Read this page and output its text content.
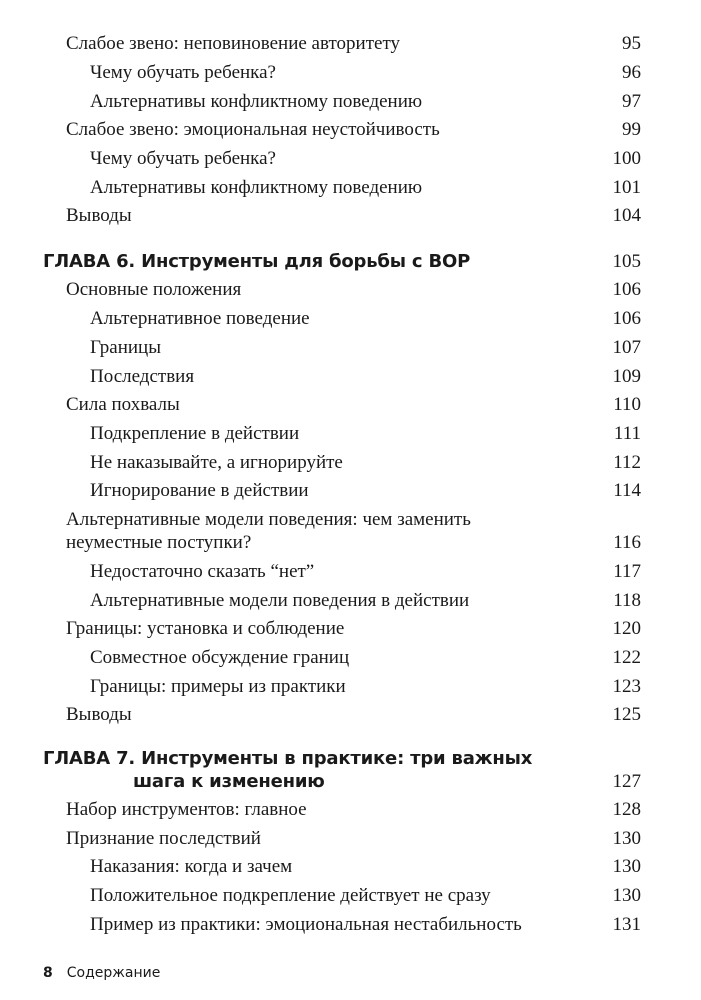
Слабое звено: неповиновение авторитету	95
Чему обучать ребенка?	96
Альтернативы конфликтному поведению	97
Слабое звено: эмоциональная неустойчивость	99
Чему обучать ребенка?	100
Альтернативы конфликтному поведению	101
Выводы	104
ГЛАВА 6. Инструменты для борьбы с ВОР	105
Основные положения	106
Альтернативное поведение	106
Границы	107
Последствия	109
Сила похвалы	110
Подкрепление в действии	111
Не наказывайте, а игнорируйте	112
Игнорирование в действии	114
Альтернативные модели поведения: чем заменить
неуместные поступки?	116
Недостаточно сказать “нет”	117
Альтернативные модели поведения в действии	118
Границы: установка и соблюдение	120
Совместное обсуждение границ	122
Границы: примеры из практики	123
Выводы	125
ГЛАВА 7. Инструменты в практике: три важных
шага к изменению	127
Набор инструментов: главное	128
Признание последствий	130
Наказания: когда и зачем	130
Положительное подкрепление действует не сразу	130
Пример из практики: эмоциональная нестабильность	131
8 Содержание
